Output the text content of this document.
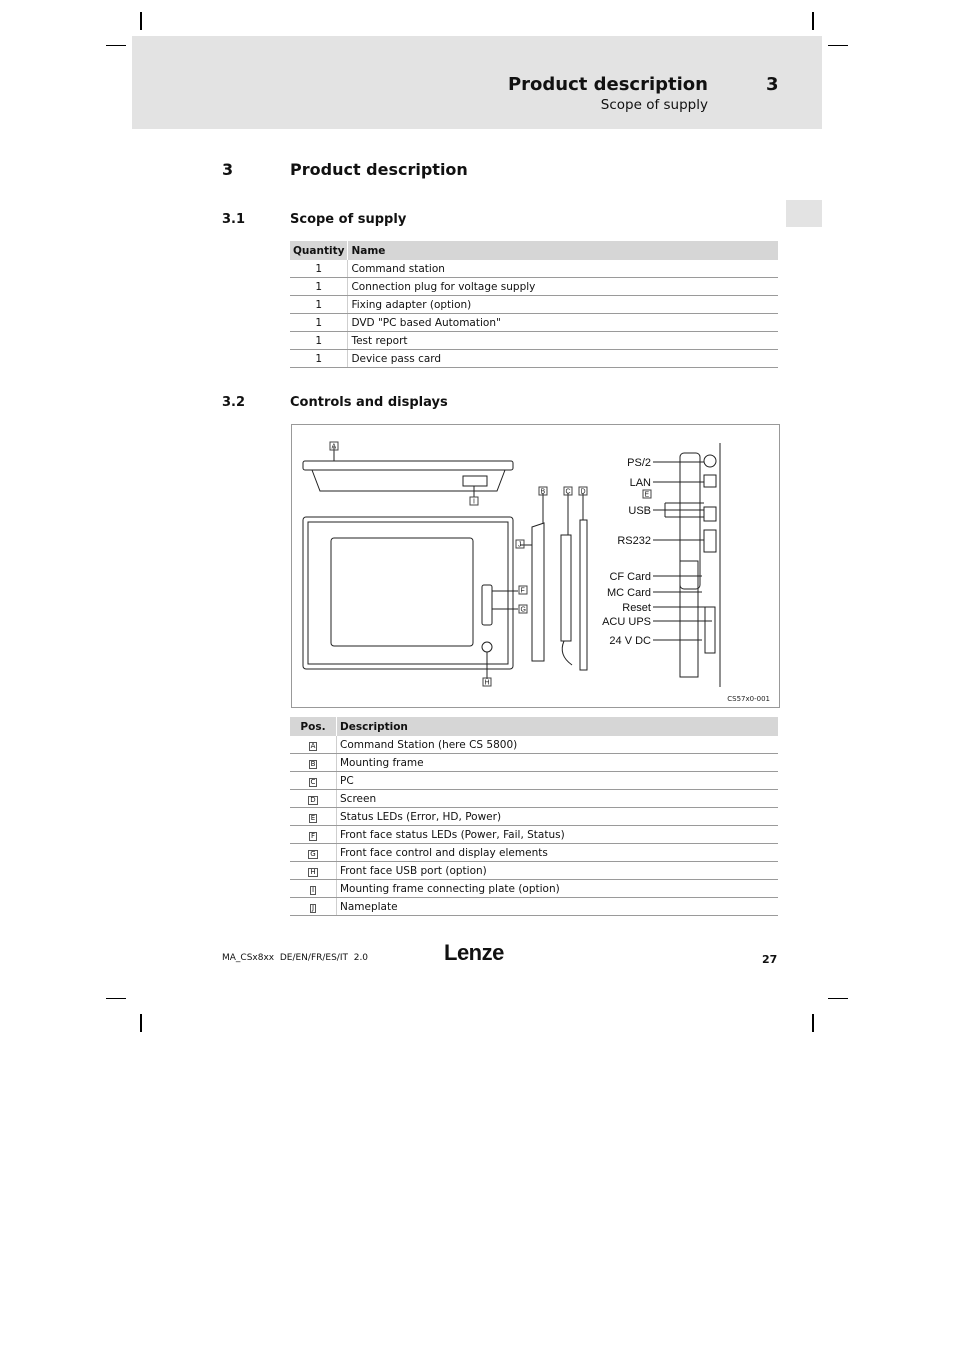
Product description	3
Scope of supply
3	Product description
3.1	Scope of supply
Quantity	Name
1	Command station
1	Connection plug for voltage supply
1	Fixing adapter (option)
1	DVD "PC based Automation"
1	Test report
1	Device pass card
3.2	Controls and displays
A
B	C D	E
F
G
H
I
J
PS/2
LAN
USB
RS232
CF Card
MC Card
Reset
ACU UPS
24 V DC
CS57x0-001
Pos.	Description
A	Command Station (here CS 5800)
B	Mounting frame
C	PC
D	Screen
E	Status LEDs (Error, HD, Power)
F	Front face status LEDs (Power, Fail, Status)
G	Front face control and display elements
H	Front face USB port (option)
I	Mounting frame connecting plate (option)
J	Nameplate
MA_CSx8xx  DE/EN/FR/ES/IT  2.0	Lenze	27
